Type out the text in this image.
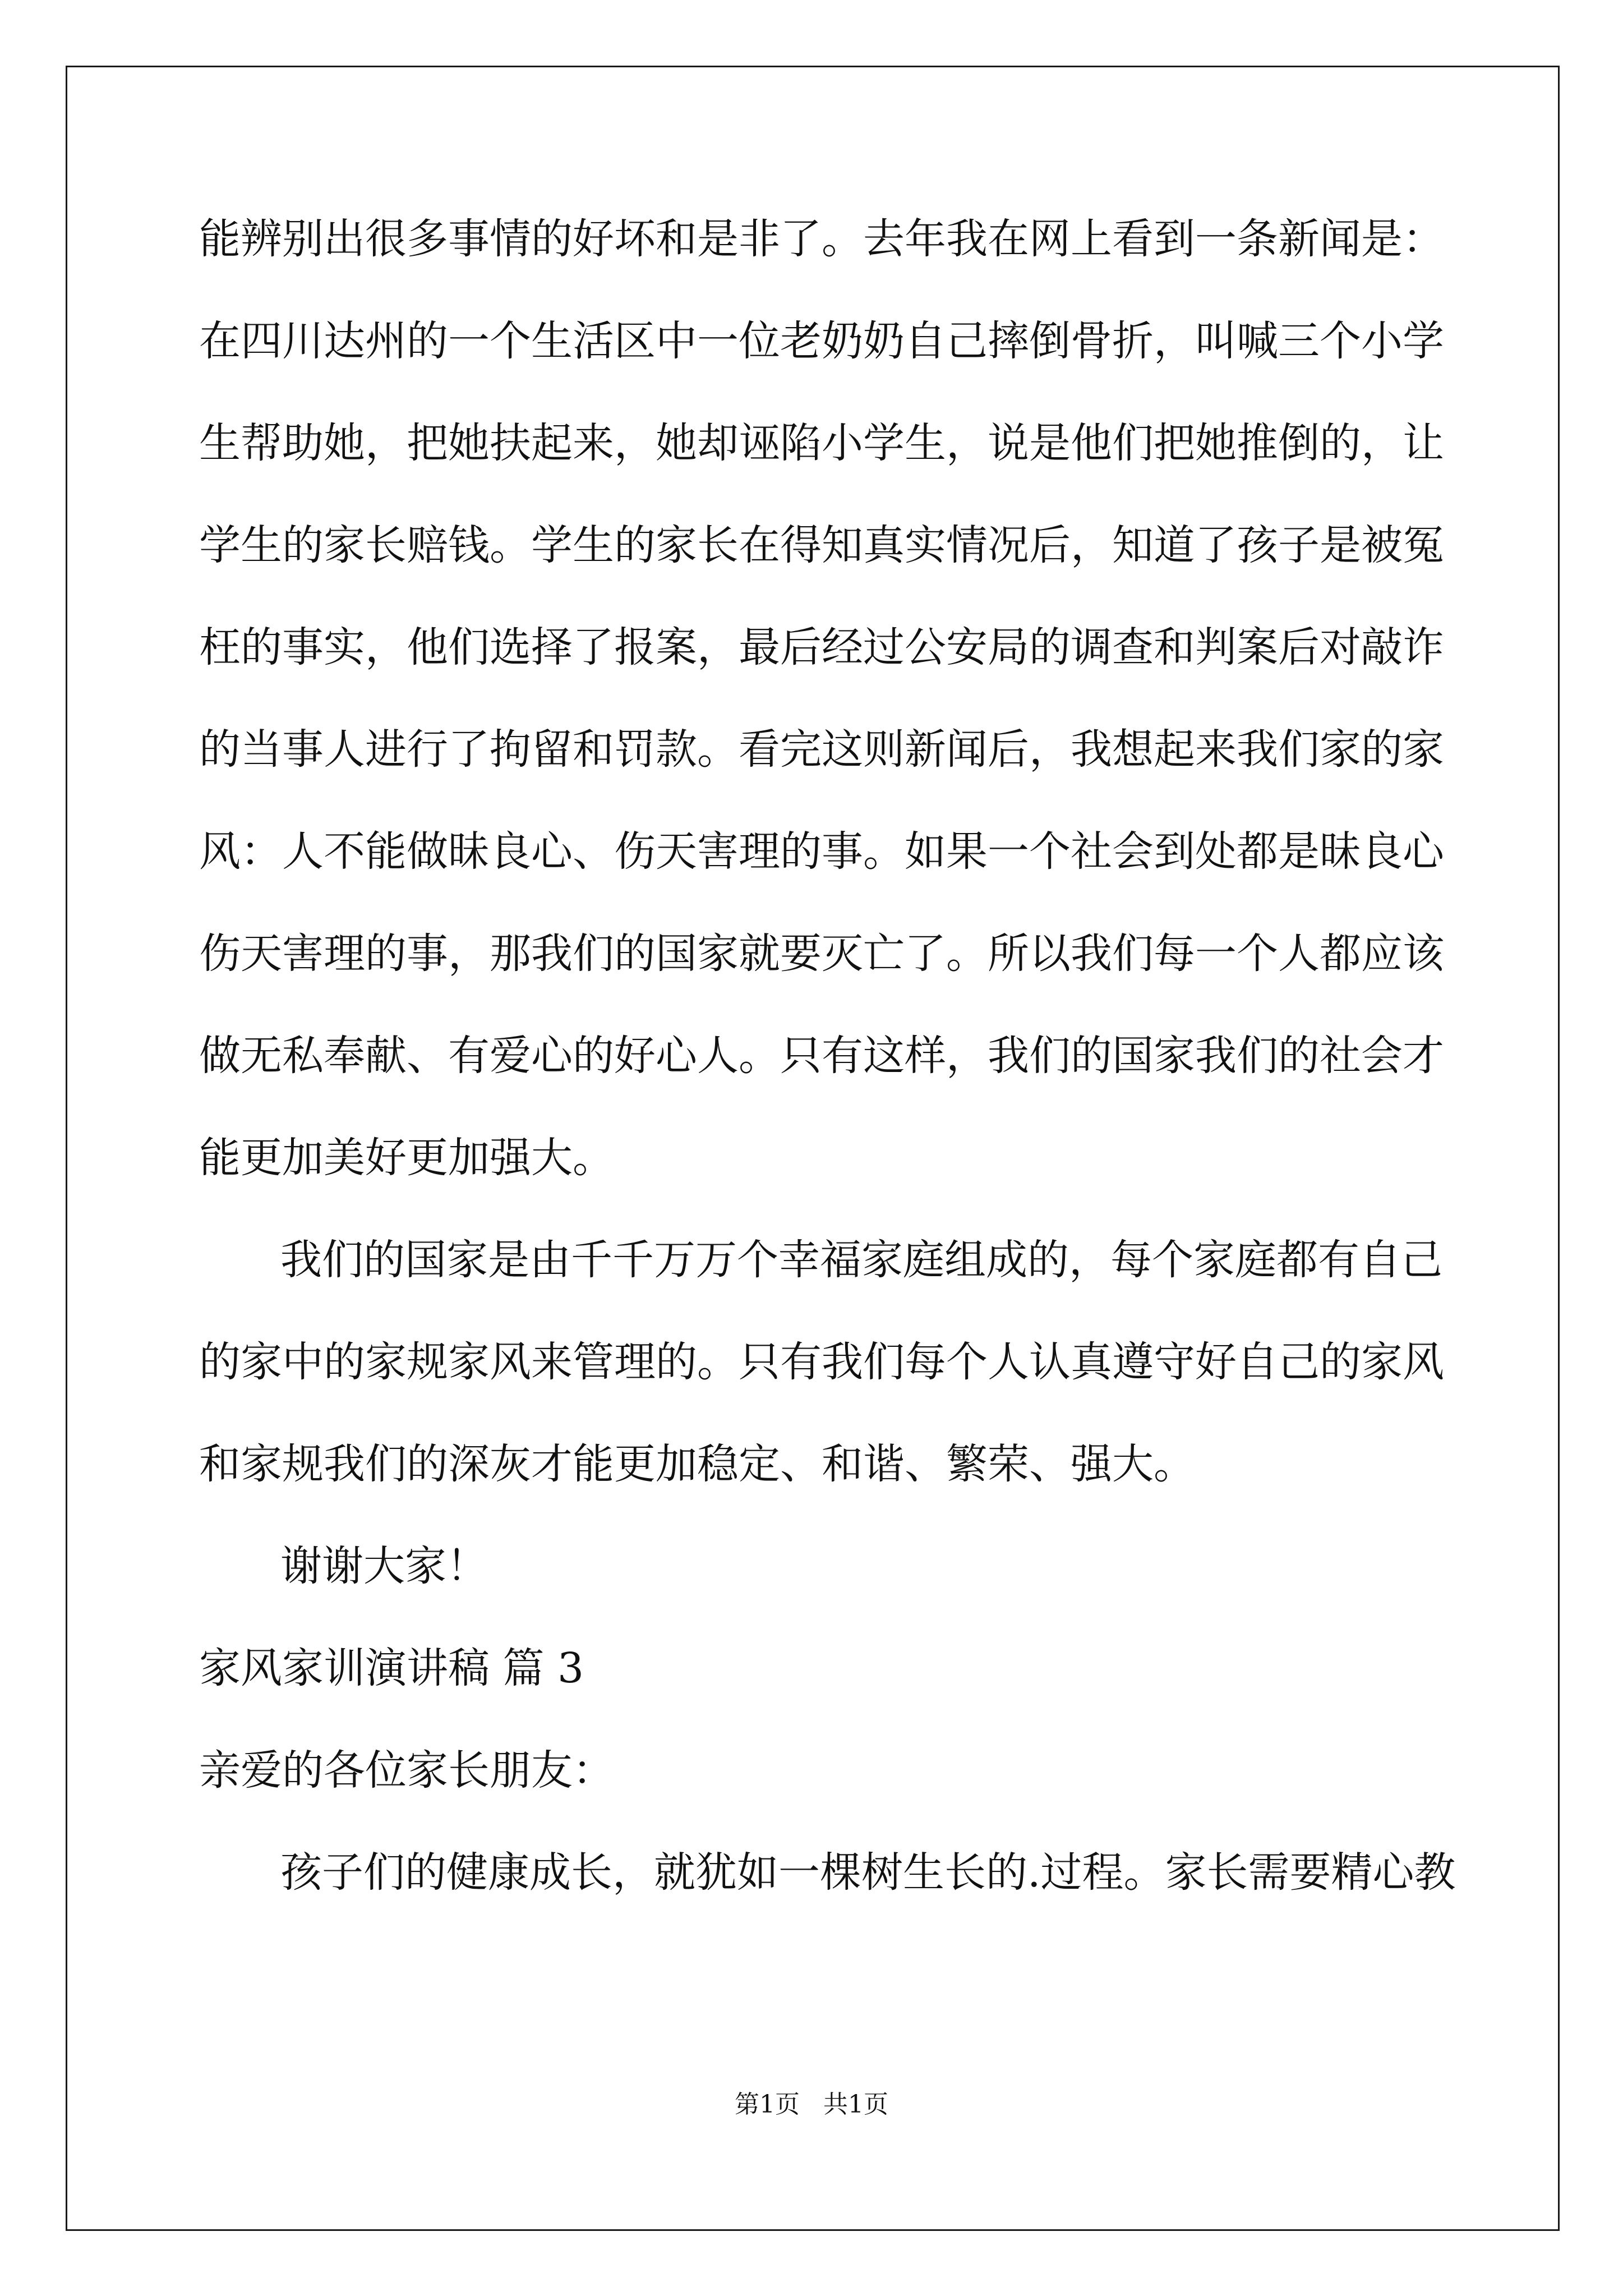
能辨别出很多事情的好坏和是非了。去年我在网上看到一条新闻是：

在四川达州的一个生活区中一位老奶奶自己摔倒骨折，叫喊三个小学

生帮助她，把她扶起来，她却诬陷小学生，说是他们把她推倒的，让

学生的家长赔钱。学生的家长在得知真实情况后，知道了孩子是被冤

枉的事实，他们选择了报案，最后经过公安局的调查和判案后对敲诈

的当事人进行了拘留和罚款。看完这则新闻后，我想起来我们家的家

风：人不能做昧良心、伤天害理的事。如果一个社会到处都是昧良心

伤天害理的事，那我们的国家就要灭亡了。所以我们每一个人都应该

做无私奉献、有爱心的好心人。只有这样，我们的国家我们的社会才

能更加美好更加强大。

我们的国家是由千千万万个幸福家庭组成的，每个家庭都有自己

的家中的家规家风来管理的。只有我们每个人认真遵守好自己的家风

和家规我们的深灰才能更加稳定、和谐、繁荣、强大。

谢谢大家！

家风家训演讲稿 篇 3

亲爱的各位家长朋友：

孩子们的健康成长，就犹如一棵树生长的.过程。家长需要精心教

第1页   共1页
